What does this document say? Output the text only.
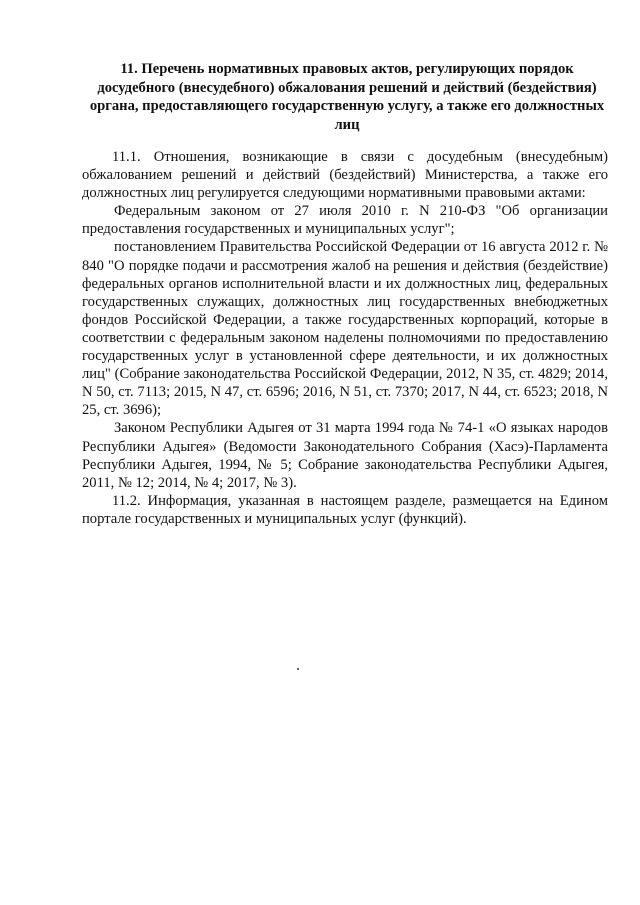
11. Перечень нормативных правовых актов, регулирующих порядок досудебного (внесудебного) обжалования решений и действий (бездействия) органа, предоставляющего государственную услугу, а также его должностных лиц

11.1. Отношения, возникающие в связи с досудебным (внесудебным) обжалованием решений и действий (бездействий) Министерства, а также его должностных лиц регулируется следующими нормативными правовыми актами:

Федеральным законом от 27 июля 2010 г. N 210-ФЗ "Об организации предоставления государственных и муниципальных услуг";

постановлением Правительства Российской Федерации от 16 августа 2012 г. № 840 "О порядке подачи и рассмотрения жалоб на решения и действия (бездействие) федеральных органов исполнительной власти и их должностных лиц, федеральных государственных служащих, должностных лиц государственных внебюджетных фондов Российской Федерации, а также государственных корпораций, которые в соответствии с федеральным законом наделены полномочиями по предоставлению государственных услуг в установленной сфере деятельности, и их должностных лиц" (Собрание законодательства Российской Федерации, 2012, N 35, ст. 4829; 2014, N 50, ст. 7113; 2015, N 47, ст. 6596; 2016, N 51, ст. 7370; 2017, N 44, ст. 6523; 2018, N 25, ст. 3696);

Законом Республики Адыгея от 31 марта 1994 года № 74-1 «О языках народов Республики Адыгея» (Ведомости Законодательного Собрания (Хасэ)-Парламента Республики Адыгея, 1994, № 5; Собрание законодательства Республики Адыгея, 2011, № 12; 2014, № 4; 2017, № 3).

11.2. Информация, указанная в настоящем разделе, размещается на Едином портале государственных и муниципальных услуг (функций).
